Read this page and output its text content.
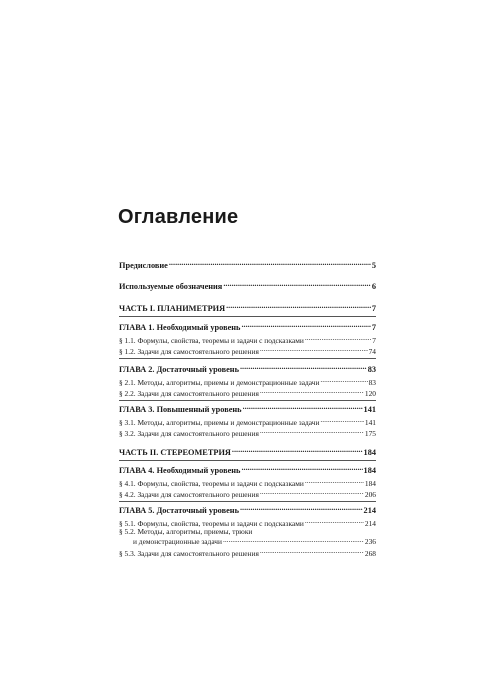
Оглавление
Предисловие .....	5
Используемые обозначения .....	6
ЧАСТЬ I. ПЛАНИМЕТРИЯ .....	7
ГЛАВА 1. Необходимый уровень .....	7
§ 1.1. Формулы, свойства, теоремы и задачи с подсказками .....	7
§ 1.2. Задачи для самостоятельного решения .....	74
ГЛАВА 2. Достаточный уровень .....	83
§ 2.1. Методы, алгоритмы, приемы и демонстрационные задачи .....	83
§ 2.2. Задачи для самостоятельного решения .....	120
ГЛАВА 3. Повышенный уровень .....	141
§ 3.1. Методы, алгоритмы, приемы и демонстрационные задачи .....	141
§ 3.2. Задачи для самостоятельного решения .....	175
ЧАСТЬ II. СТЕРЕОМЕТРИЯ .....	184
ГЛАВА 4. Необходимый уровень .....	184
§ 4.1. Формулы, свойства, теоремы и задачи с подсказками .....	184
§ 4.2. Задачи для самостоятельного решения .....	206
ГЛАВА 5. Достаточный уровень .....	214
§ 5.1. Формулы, свойства, теоремы и задачи с подсказками .....	214
§ 5.2. Методы, алгоритмы, приемы, трюки
и демонстрационные задачи .....	236
§ 5.3. Задачи для самостоятельного решения .....	268
